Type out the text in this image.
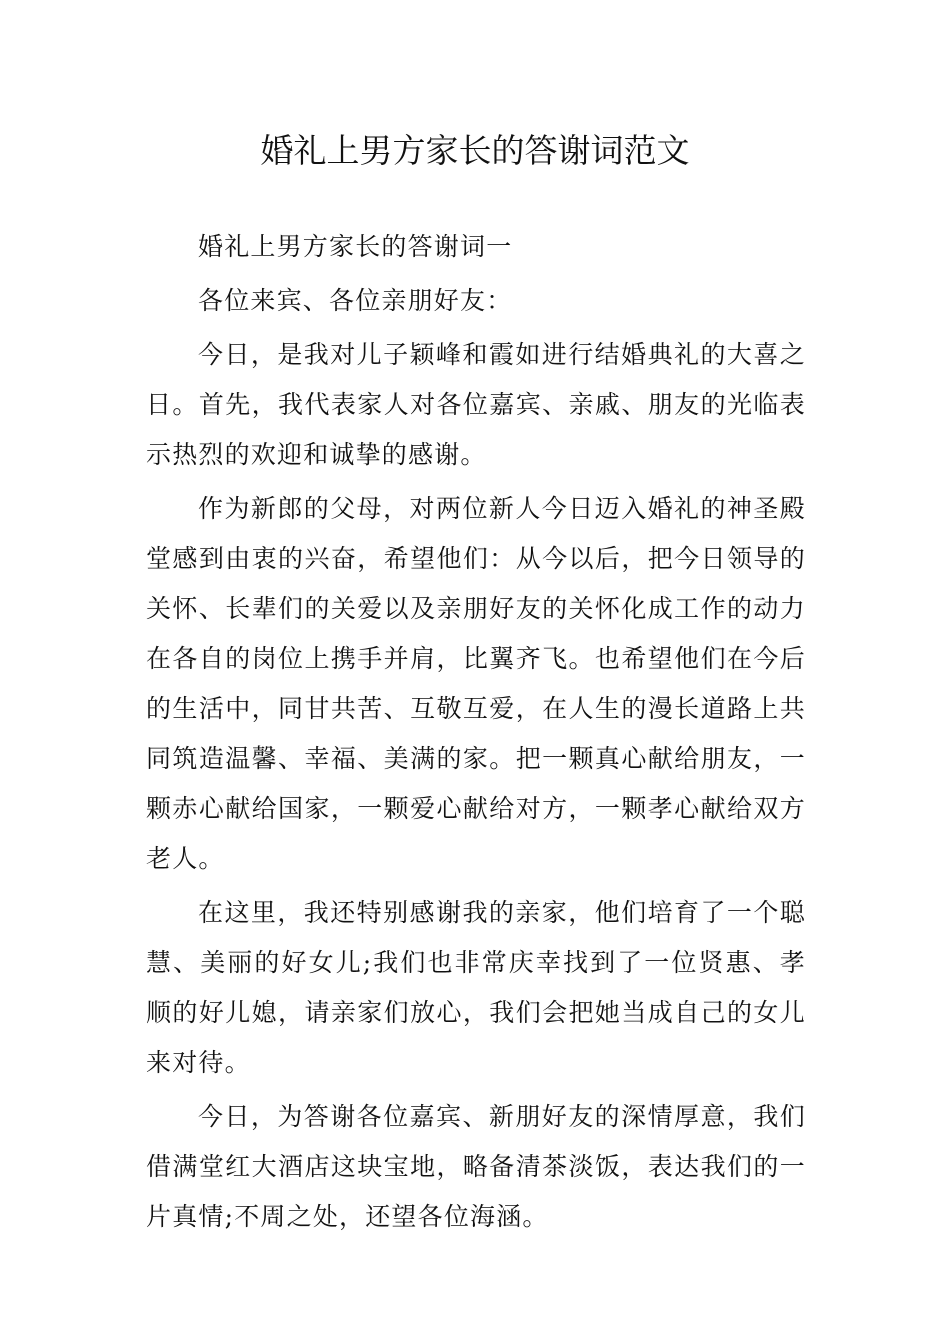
婚礼上男方家长的答谢词范文

婚礼上男方家长的答谢词一

各位来宾、各位亲朋好友：

今日，是我对儿子颖峰和霞如进行结婚典礼的大喜之日。首先，我代表家人对各位嘉宾、亲戚、朋友的光临表示热烈的欢迎和诚挚的感谢。

作为新郎的父母，对两位新人今日迈入婚礼的神圣殿堂感到由衷的兴奋，希望他们：从今以后，把今日领导的关怀、长辈们的关爱以及亲朋好友的关怀化成工作的动力在各自的岗位上携手并肩，比翼齐飞。也希望他们在今后的生活中，同甘共苦、互敬互爱，在人生的漫长道路上共同筑造温馨、幸福、美满的家。把一颗真心献给朋友，一颗赤心献给国家，一颗爱心献给对方，一颗孝心献给双方老人。

在这里，我还特别感谢我的亲家，他们培育了一个聪慧、美丽的好女儿;我们也非常庆幸找到了一位贤惠、孝顺的好儿媳，请亲家们放心，我们会把她当成自己的女儿来对待。

今日，为答谢各位嘉宾、新朋好友的深情厚意，我们借满堂红大酒店这块宝地，略备清茶淡饭，表达我们的一片真情;不周之处，还望各位海涵。
